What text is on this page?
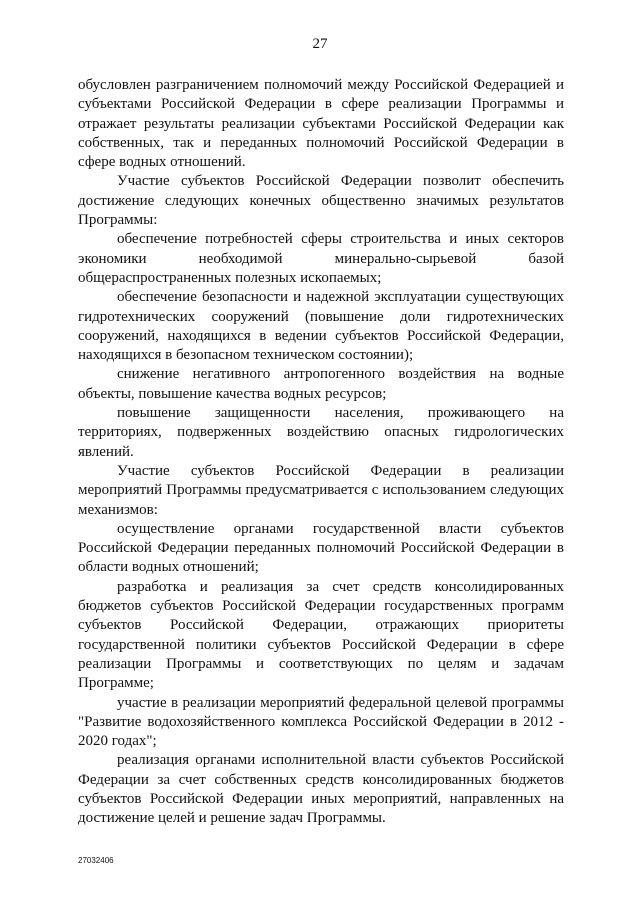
27

обусловлен разграничением полномочий между Российской Федерацией и субъектами Российской Федерации в сфере реализации Программы и отражает результаты реализации субъектами Российской Федерации как собственных, так и переданных полномочий Российской Федерации в сфере водных отношений.

Участие субъектов Российской Федерации позволит обеспечить достижение следующих конечных общественно значимых результатов Программы:

обеспечение потребностей сферы строительства и иных секторов экономики необходимой минерально-сырьевой базой общераспространенных полезных ископаемых;

обеспечение безопасности и надежной эксплуатации существующих гидротехнических сооружений (повышение доли гидротехнических сооружений, находящихся в ведении субъектов Российской Федерации, находящихся в безопасном техническом состоянии);

снижение негативного антропогенного воздействия на водные объекты, повышение качества водных ресурсов;

повышение защищенности населения, проживающего на территориях, подверженных воздействию опасных гидрологических явлений.

Участие субъектов Российской Федерации в реализации мероприятий Программы предусматривается с использованием следующих механизмов:

осуществление органами государственной власти субъектов Российской Федерации переданных полномочий Российской Федерации в области водных отношений;

разработка и реализация за счет средств консолидированных бюджетов субъектов Российской Федерации государственных программ субъектов Российской Федерации, отражающих приоритеты государственной политики субъектов Российской Федерации в сфере реализации Программы и соответствующих по целям и задачам Программе;

участие в реализации мероприятий федеральной целевой программы "Развитие водохозяйственного комплекса Российской Федерации в 2012 - 2020 годах";

реализация органами исполнительной власти субъектов Российской Федерации за счет собственных средств консолидированных бюджетов субъектов Российской Федерации иных мероприятий, направленных на достижение целей и решение задач Программы.

27032406
